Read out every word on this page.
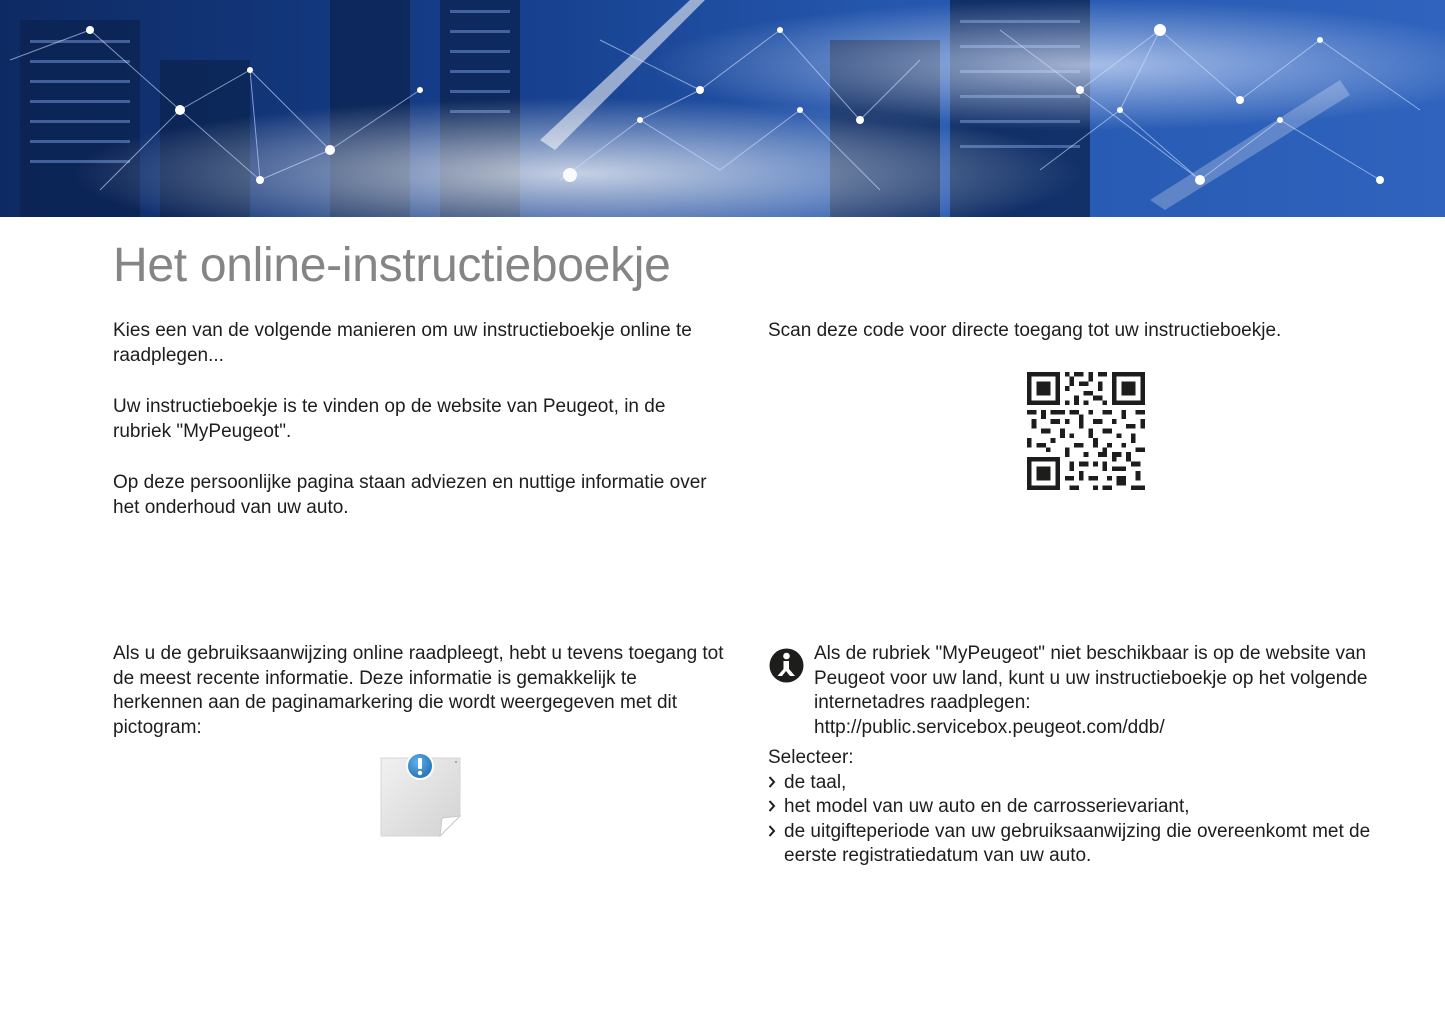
Het online-instructieboekje

Kies een van de volgende manieren om uw instructieboekje online te raadplegen...

Uw instructieboekje is te vinden op de website van Peugeot, in de rubriek "MyPeugeot".

Op deze persoonlijke pagina staan adviezen en nuttige informatie over het onderhoud van uw auto.

Scan deze code voor directe toegang tot uw instructieboekje.

Als u de gebruiksaanwijzing online raadpleegt, hebt u tevens toegang tot de meest recente informatie. Deze informatie is gemakkelijk te herkennen aan de paginamarkering die wordt weergegeven met dit pictogram:

Als de rubriek "MyPeugeot" niet beschikbaar is op de website van Peugeot voor uw land, kunt u uw instructieboekje op het volgende internetadres raadplegen:

http://public.servicebox.peugeot.com/ddb/

Selecteer:

de taal,
het model van uw auto en de carrosserievariant,
de uitgifteperiode van uw gebruiksaanwijzing die overeenkomt met de eerste registratiedatum van uw auto.
